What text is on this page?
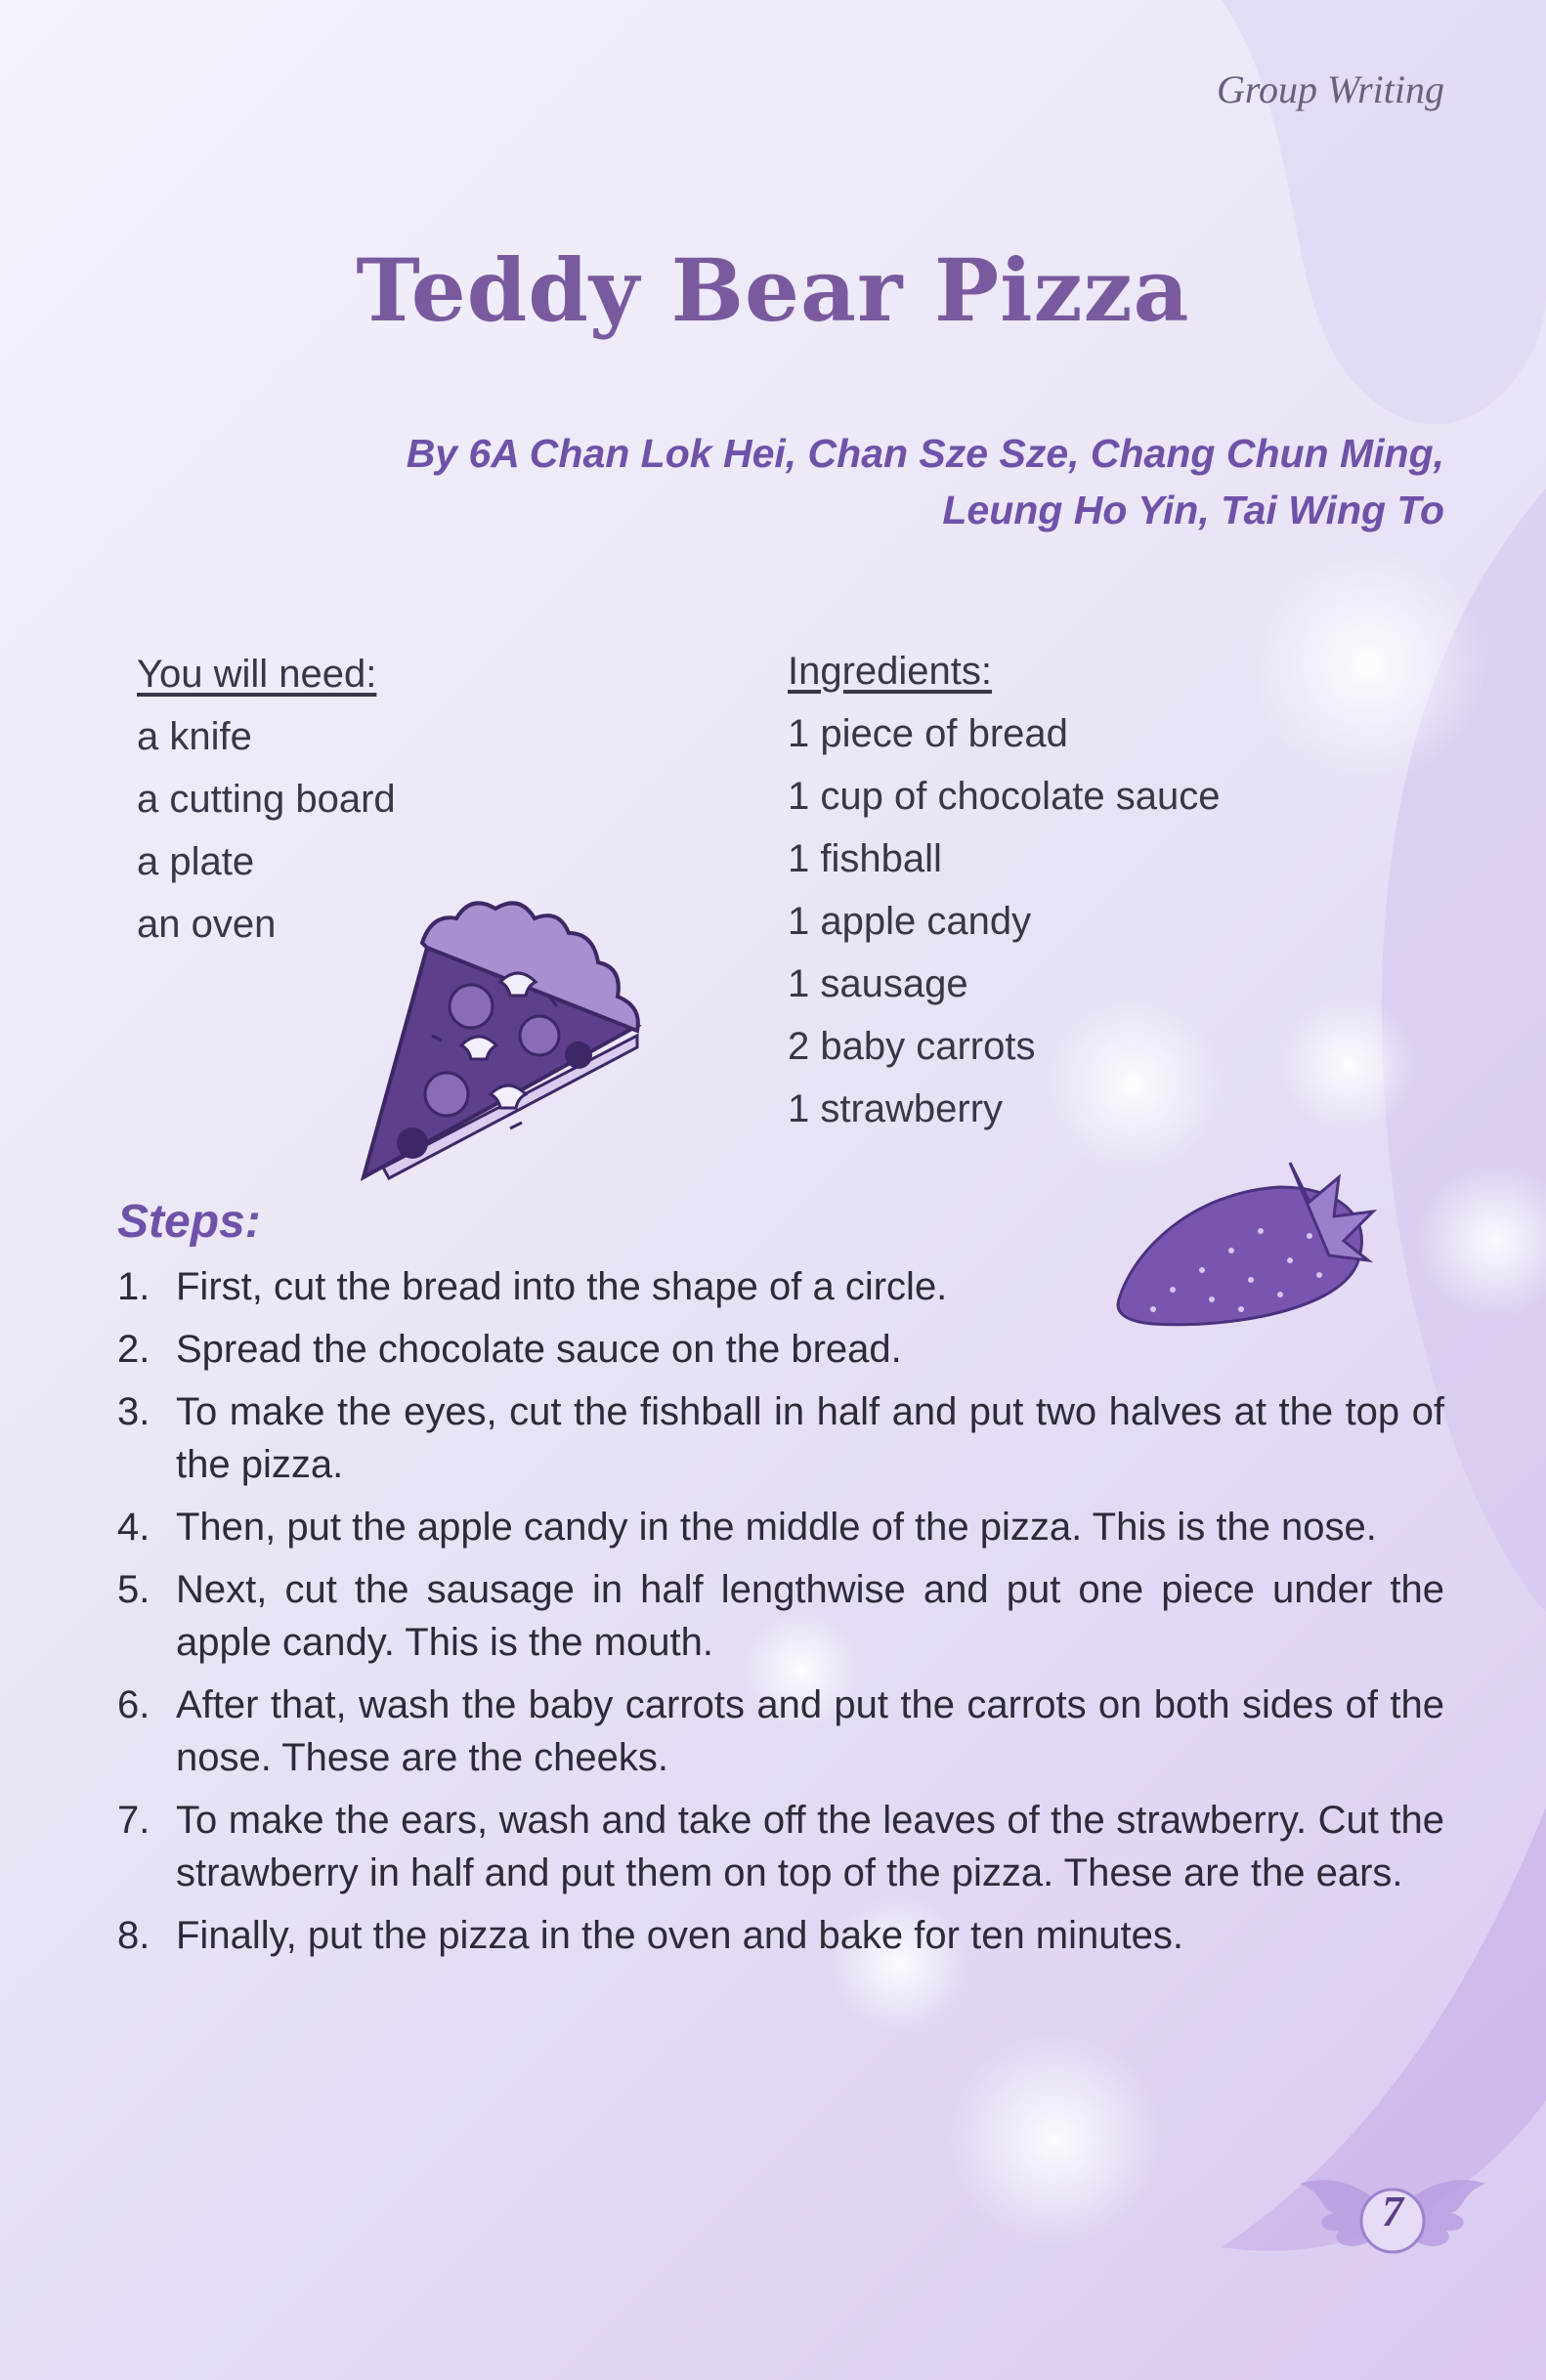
Group Writing
Teddy Bear Pizza
By 6A Chan Lok Hei, Chan Sze Sze, Chang Chun Ming,
Leung Ho Yin, Tai Wing To
You will need:
a knife
a cutting board
a plate
an oven
Ingredients:
1 piece of bread
1 cup of chocolate sauce
1 fishball
1 apple candy
1 sausage
2 baby carrots
1 strawberry
Steps:
1. First, cut the bread into the shape of a circle.
2. Spread the chocolate sauce on the bread.
3. To make the eyes, cut the fishball in half and put two halves at the top of the pizza.
4. Then, put the apple candy in the middle of the pizza. This is the nose.
5. Next, cut the sausage in half lengthwise and put one piece under the apple candy. This is the mouth.
6. After that, wash the baby carrots and put the carrots on both sides of the nose. These are the cheeks.
7. To make the ears, wash and take off the leaves of the strawberry. Cut the strawberry in half and put them on top of the pizza. These are the ears.
8. Finally, put the pizza in the oven and bake for ten minutes.
7
